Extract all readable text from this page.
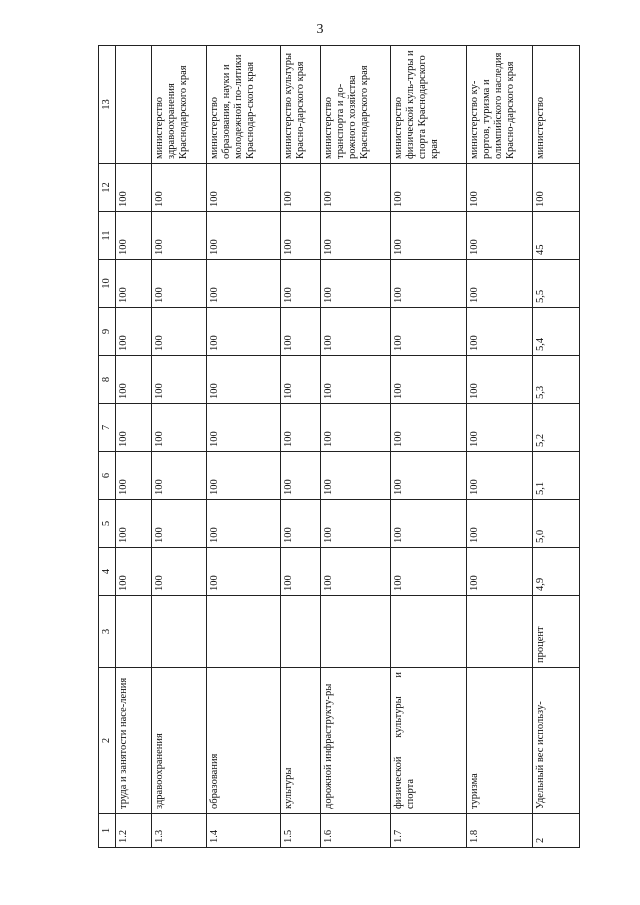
3
1	2	3	4	5	6	7	8	9	10	11	12	13
1.2	труда и занятости насе-ления		100	100	100	100	100	100	100	100	100	
1.3	здравоохранения		100	100	100	100	100	100	100	100	100	министерство здравоохранения Краснодарского края
1.4	образования		100	100	100	100	100	100	100	100	100	министерство образования, науки и молодежной по-литики Краснодар-ского края
1.5	культуры		100	100	100	100	100	100	100	100	100	министерство культуры Красно-дарского края
1.6	дорожной инфраструкту-ры		100	100	100	100	100	100	100	100	100	министерство транспорта и до-рожного хозяйства Краснодарского края
1.7	физической культуры и спорта		100	100	100	100	100	100	100	100	100	министерство физической куль-туры и спорта Краснодарского края
1.8	туризма		100	100	100	100	100	100	100	100	100	министерство ку-рортов, туризма и олимпийского наследия Красно-дарского края
2	Удельный вес использу-	процент	4,9	5,0	5,1	5,2	5,3	5,4	5,5	45	100	министерство
